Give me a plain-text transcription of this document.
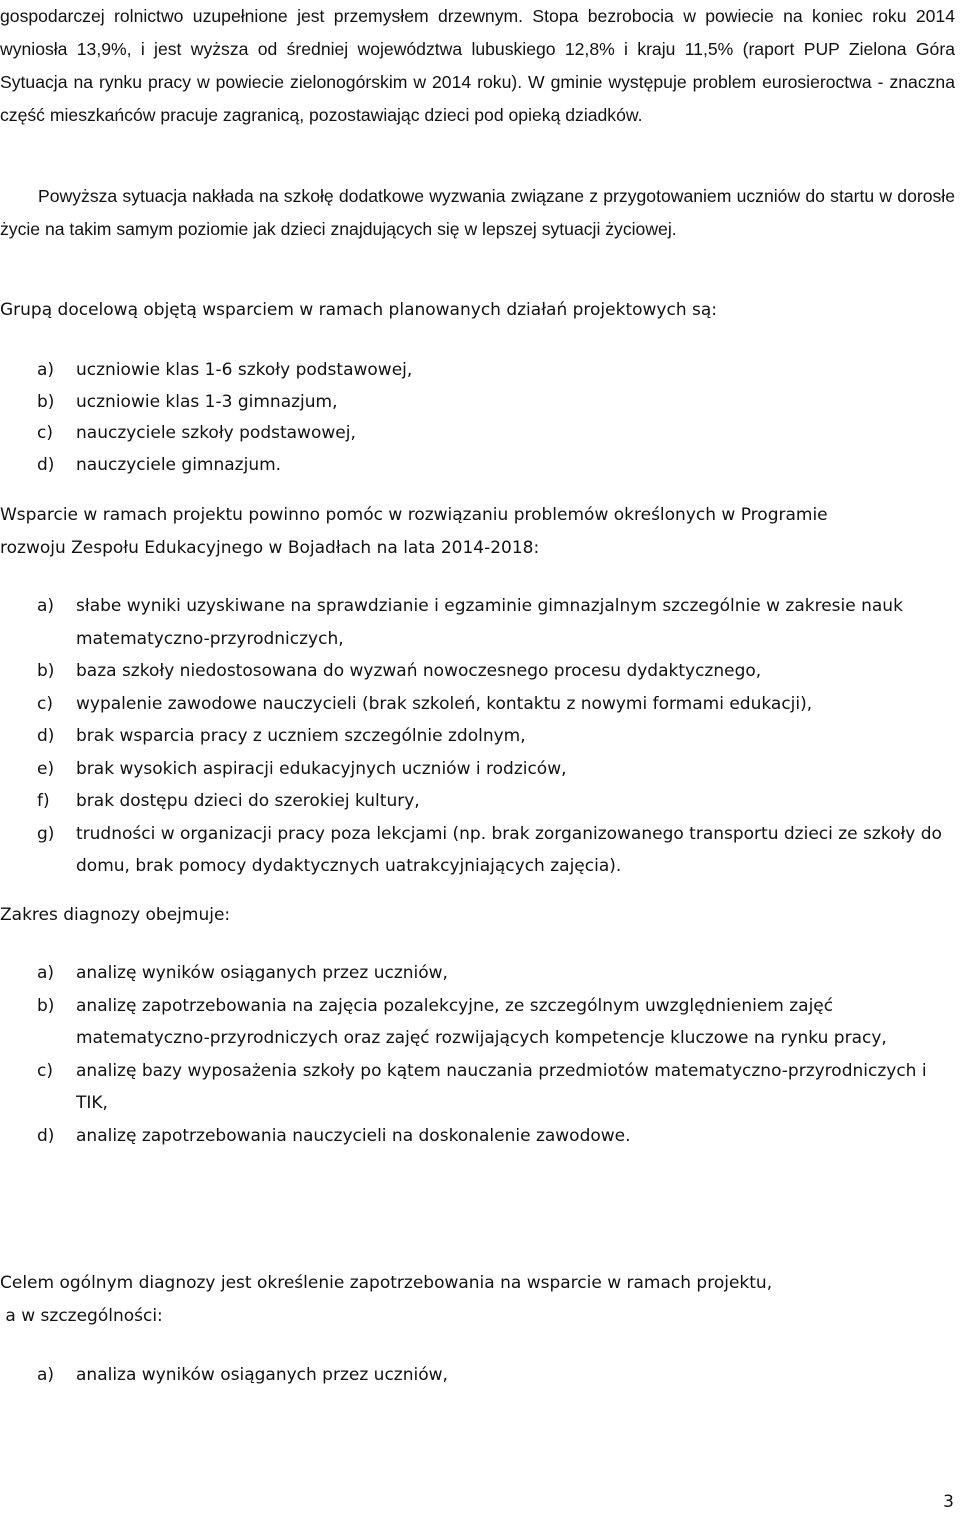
gospodarczej rolnictwo uzupełnione jest przemysłem drzewnym. Stopa bezrobocia w powiecie na koniec roku 2014 wyniosła 13,9%, i jest wyższa od średniej województwa lubuskiego 12,8% i kraju 11,5% (raport PUP Zielona Góra Sytuacja na rynku pracy w powiecie zielonogórskim w 2014 roku). W gminie występuje problem eurosieroctwa - znaczna część mieszkańców pracuje zagranicą, pozostawiając dzieci pod opieką dziadków.

Powyższa sytuacja nakłada na szkołę dodatkowe wyzwania związane z przygotowaniem uczniów do startu w dorosłe życie na takim samym poziomie jak dzieci znajdujących się w lepszej sytuacji życiowej.

Grupą docelową objętą wsparciem w ramach planowanych działań projektowych są:

a) uczniowie klas 1-6 szkoły podstawowej,
b) uczniowie klas 1-3 gimnazjum,
c) nauczyciele szkoły podstawowej,
d) nauczyciele gimnazjum.

Wsparcie w ramach projektu powinno pomóc w rozwiązaniu problemów określonych w Programie

rozwoju Zespołu Edukacyjnego w Bojadłach na lata 2014-2018:

a) słabe wyniki uzyskiwane na sprawdzianie i egzaminie gimnazjalnym szczególnie w zakresie nauk matematyczno-przyrodniczych,
b) baza szkoły niedostosowana do wyzwań nowoczesnego procesu dydaktycznego,
c) wypalenie zawodowe nauczycieli (brak szkoleń, kontaktu z nowymi formami edukacji),
d) brak wsparcia pracy z uczniem szczególnie zdolnym,
e) brak wysokich aspiracji edukacyjnych uczniów i rodziców,
f) brak dostępu dzieci do szerokiej kultury,
g) trudności w organizacji pracy poza lekcjami (np. brak zorganizowanego transportu dzieci ze szkoły do domu, brak pomocy dydaktycznych uatrakcyjniających zajęcia).

Zakres diagnozy obejmuje:

a) analizę wyników osiąganych przez uczniów,
b) analizę zapotrzebowania na zajęcia pozalekcyjne, ze szczególnym uwzględnieniem zajęć matematyczno-przyrodniczych oraz zajęć rozwijających kompetencje kluczowe na rynku pracy,
c) analizę bazy wyposażenia szkoły po kątem nauczania przedmiotów matematyczno-przyrodniczych i TIK,
d) analizę zapotrzebowania nauczycieli na doskonalenie zawodowe.

Celem ogólnym diagnozy jest określenie zapotrzebowania na wsparcie w ramach projektu,

a w szczególności:

a) analiza wyników osiąganych przez uczniów,
3
